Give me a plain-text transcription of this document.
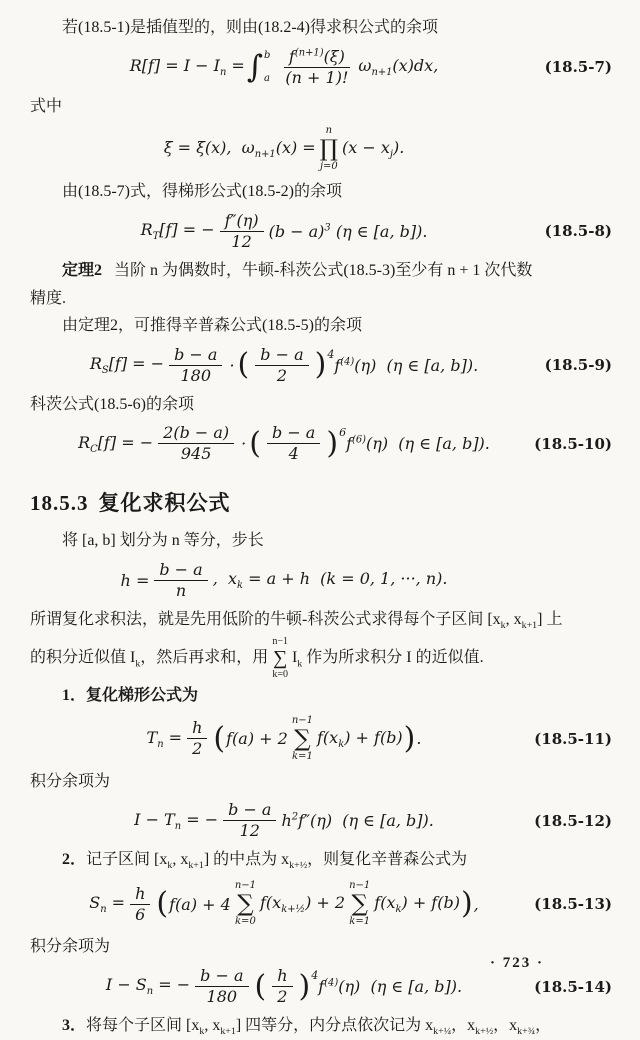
若(18.5-1)是插值型的，则由(18.2-4)得求积公式的余项

$R[f] = I - I_n$ = ∫ b
a $\frac{f^{(n+1)}(\xi)}{(n + 1)!} \omega_{n+1}(x)dx$,	(18.5-7)

式中

ξ = ξ(x),  $\omega_{n+1}(x)$ =
n
∏
j=0
$(x - x_j)$.

由(18.5-7)式，得梯形公式(18.5-2)的余项

$R_T[f]$ = − $\frac{f''(\eta)}{12} (b - a)^3$ (η ∈ [a, b]).	(18.5-8)

定理2 当阶 n 为偶数时，牛顿-科茨公式(18.5-3)至少有 n + 1 次代数

精度.

由定理2，可推得辛普森公式(18.5-5)的余项

$R_S[f]$ = − $\frac{b - a}{180}$ · ( $\frac{b - a}{2} )^4$
$f^{(4)}(\eta)$  (η ∈ [a, b]).	(18.5-9)

科茨公式(18.5-6)的余项

$R_C[f]$ = − $\frac{2(b - a)}{945}$ · ( $\frac{b - a}{4} )^6$
$f^{(6)}(\eta)$  (η ∈ [a, b]).	(18.5-10)
18.5.3 复化求积公式

将 [a, b] 划分为 n 等分，步长

$h = \frac{b - a}{n}$ ,  $x_k = a + h$  (k = 0, 1, ···, n).

所谓复化求积法，就是先用低阶的牛顿-科茨公式求得每个子区间 [$x_k$, $x_{k+1}$] 上

的积分近似值 $I_k$，然后再求和，用
n−1
∑
k=0
$I_k$ 作为所求积分 I 的近似值.

1．复化梯形公式为

$T_n = \frac{h}{2}$ ( f(a) + 2
n−1
∑
k=1
$f(x_k) + f(b)$ ) .	(18.5-11)

积分余项为

$I - T_n$ = − $\frac{b - a}{12} h^2f''(\eta)$  (η ∈ [a, b]).	(18.5-12)

2．记子区间 [$x_k$, $x_{k+1}$] 的中点为 $x_{k+\frac{1}{2}}$，则复化辛普森公式为

$S_n = \frac{h}{6}$ ( f(a) + 4
n−1
∑
k=0
$f(x_{k+\frac{1}{2}}) + 2$
n−1
∑
k=1
$f(x_k) + f(b)$ ) ,	(18.5-13)

积分余项为

$I - S_n$ = − $\frac{b - a}{180}$ ( $\frac{h}{2} )^4$
$f^{(4)}(\eta)$  (η ∈ [a, b]).	(18.5-14)

3．将每个子区间 [$x_k$, $x_{k+1}$] 四等分，内分点依次记为 $x_{k+\frac{1}{4}}$，$x_{k+\frac{1}{2}}$，$x_{k+\frac{3}{4}}$，

· 723 ·
